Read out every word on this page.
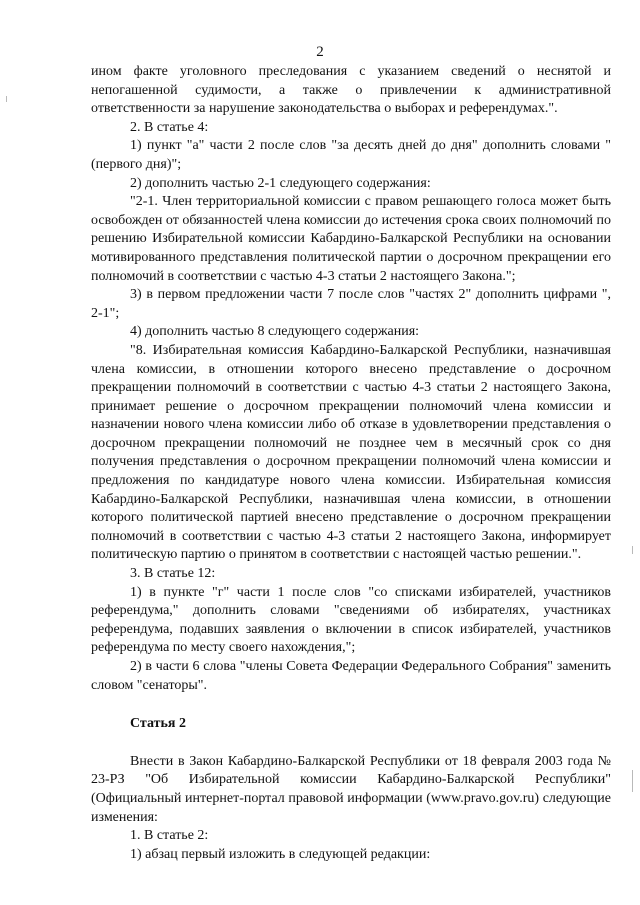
2

ином факте уголовного преследования с указанием сведений о неснятой и непогашенной судимости, а также о привлечении к административной ответственности за нарушение законодательства о выборах и референдумах.".

2. В статье 4:

1) пункт "а" части 2 после слов "за десять дней до дня" дополнить словами "(первого дня)";

2) дополнить частью 2-1 следующего содержания:

"2-1. Член территориальной комиссии с правом решающего голоса может быть освобожден от обязанностей члена комиссии до истечения срока своих полномочий по решению Избирательной комиссии Кабардино-Балкарской Республики на основании мотивированного представления политической партии о досрочном прекращении его полномочий в соответствии с частью 4-3 статьи 2 настоящего Закона.";

3) в первом предложении части 7 после слов "частях 2" дополнить цифрами ", 2-1";

4) дополнить частью 8 следующего содержания:

"8. Избирательная комиссия Кабардино-Балкарской Республики, назначившая члена комиссии, в отношении которого внесено представление о досрочном прекращении полномочий в соответствии с частью 4-3 статьи 2 настоящего Закона, принимает решение о досрочном прекращении полномочий члена комиссии и назначении нового члена комиссии либо об отказе в удовлетворении представления о досрочном прекращении полномочий не позднее чем в месячный срок со дня получения представления о досрочном прекращении полномочий члена комиссии и предложения по кандидатуре нового члена комиссии. Избирательная комиссия Кабардино-Балкарской Республики, назначившая члена комиссии, в отношении которого политической партией внесено представление о досрочном прекращении полномочий в соответствии с частью 4-3 статьи 2 настоящего Закона, информирует политическую партию о принятом в соответствии с настоящей частью решении.".

3. В статье 12:

1) в пункте "г" части 1 после слов "со списками избирателей, участников референдума," дополнить словами "сведениями об избирателях, участниках референдума, подавших заявления о включении в список избирателей, участников референдума по месту своего нахождения,";

2) в части 6 слова "члены Совета Федерации Федерального Собрания" заменить словом "сенаторы".

Статья 2

Внести в Закон Кабардино-Балкарской Республики от 18 февраля 2003 года № 23-РЗ "Об Избирательной комиссии Кабардино-Балкарской Республики" (Официальный интернет-портал правовой информации (www.pravo.gov.ru) следующие изменения:

1. В статье 2:

1) абзац первый изложить в следующей редакции:
